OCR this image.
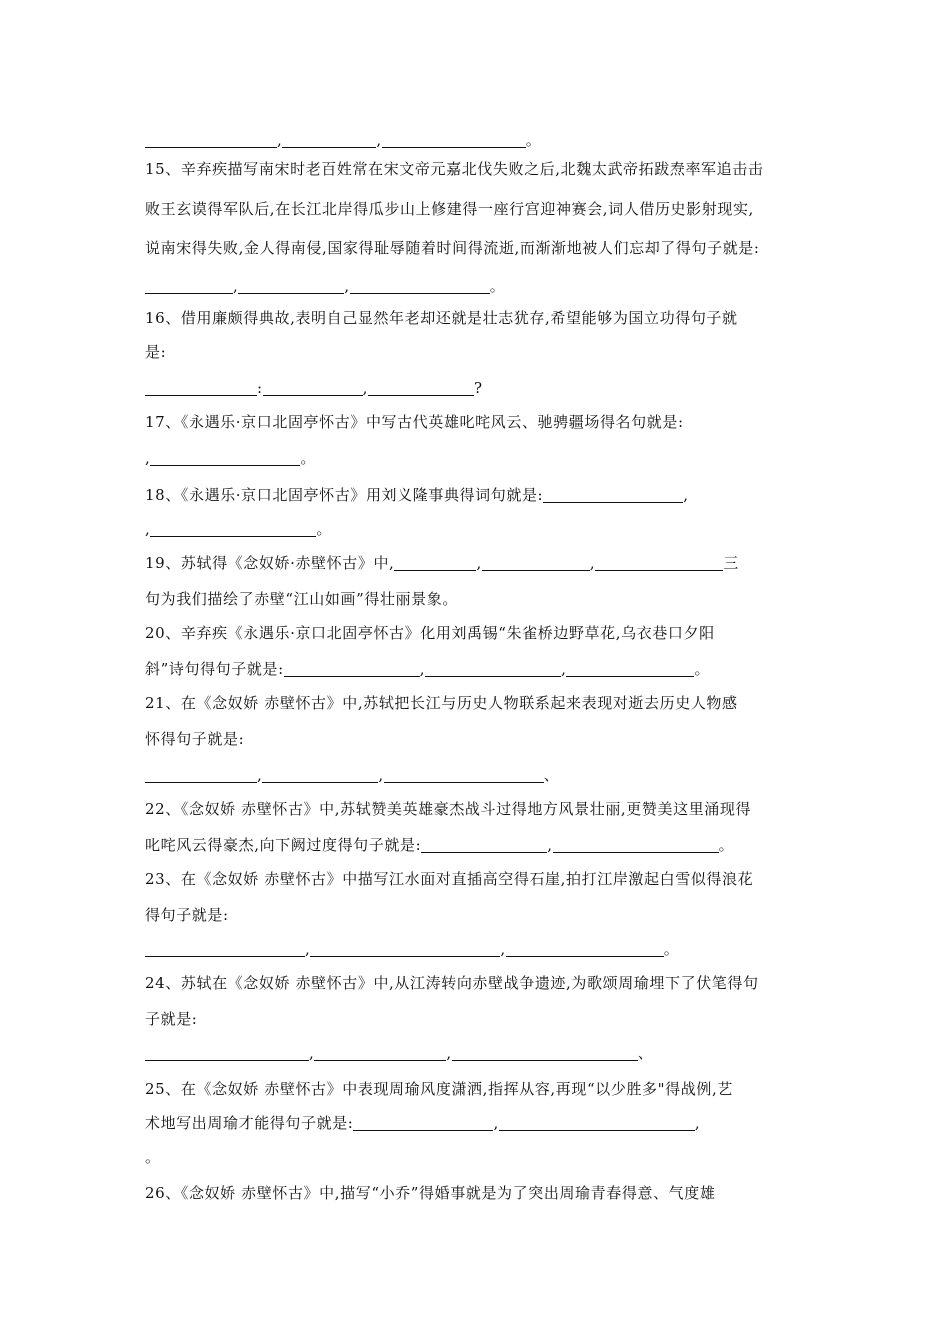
,	,	。
15、辛弃疾描写南宋时老百姓常在宋文帝元嘉北伐失败之后,北魏太武帝拓跋焘率军追击击
败王玄谟得军队后,在长江北岸得瓜步山上修建得一座行宫迎神赛会,词人借历史影射现实,
说南宋得失败,金人得南侵,国家得耻辱随着时间得流逝,而渐渐地被人们忘却了得句子就是:
,	,	。
16、借用廉颇得典故,表明自己显然年老却还就是壮志犹存,希望能够为国立功得句子就
是:
:	,	?
17、《永遇乐·京口北固亭怀古》中写古代英雄叱咤风云、驰骋疆场得名句就是:
,	。
18、《永遇乐·京口北固亭怀古》用刘义隆事典得词句就是:	,
,	。
19、苏轼得《念奴娇·赤壁怀古》中,	,	,	三
句为我们描绘了赤壁“江山如画”得壮丽景象。
20、辛弃疾《永遇乐·京口北固亭怀古》化用刘禹锡“朱雀桥边野草花,乌衣巷口夕阳
斜”诗句得句子就是:	,	,	。
21、在《念奴娇 赤壁怀古》中,苏轼把长江与历史人物联系起来表现对逝去历史人物感
怀得句子就是:
,	,	、
22、《念奴娇 赤壁怀古》中,苏轼赞美英雄豪杰战斗过得地方风景壮丽,更赞美这里涌现得
叱咤风云得豪杰,向下阙过度得句子就是:	,	。
23、在《念奴娇 赤壁怀古》中描写江水面对直插高空得石崖,拍打江岸激起白雪似得浪花
得句子就是:
,	,	。
24、苏轼在《念奴娇 赤壁怀古》中,从江涛转向赤壁战争遗迹,为歌颂周瑜埋下了伏笔得句
子就是:
,	,	、
25、在《念奴娇 赤壁怀古》中表现周瑜风度潇洒,指挥从容,再现“以少胜多"得战例,艺
术地写出周瑜才能得句子就是:	,	,
。
26、《念奴娇 赤壁怀古》中,描写“小乔”得婚事就是为了突出周瑜青春得意、气度雄
